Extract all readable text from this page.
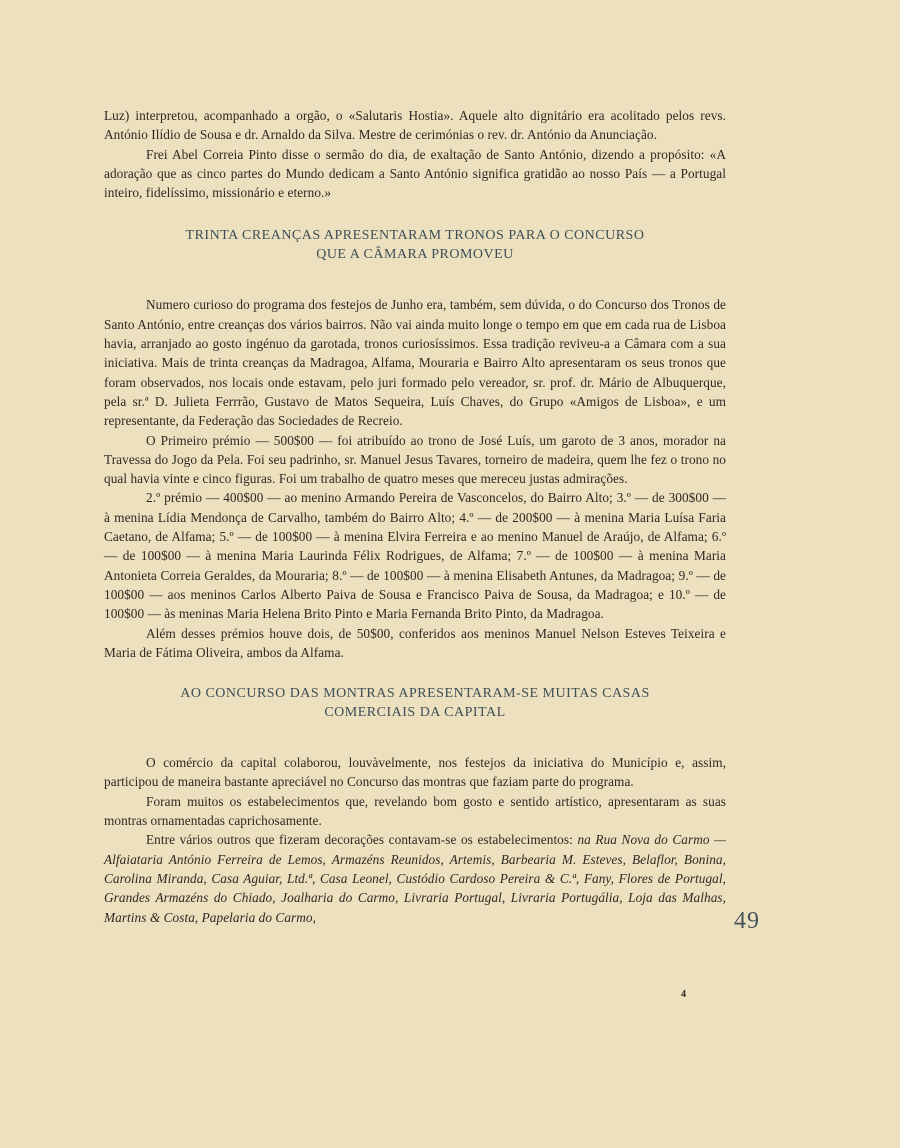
Luz) interpretou, acompanhado a orgão, o «Salutaris Hostia». Aquele alto dignitário era acolitado pelos revs. António Ilídio de Sousa e dr. Arnaldo da Silva. Mestre de cerimónias o rev. dr. António da Anunciação.

Frei Abel Correia Pinto disse o sermão do dia, de exaltação de Santo António, dizendo a propósito: «A adoração que as cinco partes do Mundo dedicam a Santo António significa gratidão ao nosso País — a Portugal inteiro, fidelíssimo, missionário e eterno.»

TRINTA CREANÇAS APRESENTARAM TRONOS PARA O CONCURSO
QUE A CÂMARA PROMOVEU

Numero curioso do programa dos festejos de Junho era, também, sem dúvida, o do Concurso dos Tronos de Santo António, entre creanças dos vários bairros. Não vai ainda muito longe o tempo em que em cada rua de Lisboa havia, arranjado ao gosto ingénuo da garotada, tronos curiosíssimos. Essa tradição reviveu-a a Câmara com a sua iniciativa. Mais de trinta creanças da Madragoa, Alfama, Mouraria e Bairro Alto apresentaram os seus tronos que foram observados, nos locais onde estavam, pelo juri formado pelo vereador, sr. prof. dr. Mário de Albuquerque, pela sr.ª D. Julieta Ferrrão, Gustavo de Matos Sequeira, Luís Chaves, do Grupo «Amigos de Lisboa», e um representante, da Federação das Sociedades de Recreio.

O Primeiro prémio — 500$00 — foi atribuído ao trono de José Luís, um garoto de 3 anos, morador na Travessa do Jogo da Pela. Foi seu padrinho, sr. Manuel Jesus Tavares, torneiro de madeira, quem lhe fez o trono no qual havia vinte e cinco figuras. Foi um trabalho de quatro meses que mereceu justas admirações.

2.º prémio — 400$00 — ao menino Armando Pereira de Vasconcelos, do Bairro Alto; 3.º — de 300$00 — à menina Lídia Mendonça de Carvalho, também do Bairro Alto; 4.º — de 200$00 — à menina Maria Luísa Faria Caetano, de Alfama; 5.º — de 100$00 — à menina Elvira Ferreira e ao menino Manuel de Araújo, de Alfama; 6.º — de 100$00 — à menina Maria Laurinda Félix Rodrigues, de Alfama; 7.º — de 100$00 — à menina Maria Antonieta Correia Geraldes, da Mouraria; 8.º — de 100$00 — à menina Elisabeth Antunes, da Madragoa; 9.º — de 100$00 — aos meninos Carlos Alberto Paiva de Sousa e Francisco Paiva de Sousa, da Madragoa; e 10.º — de 100$00 — às meninas Maria Helena Brito Pinto e Maria Fernanda Brito Pinto, da Madragoa.

Além desses prémios houve dois, de 50$00, conferidos aos meninos Manuel Nelson Esteves Teixeira e Maria de Fátima Oliveira, ambos da Alfama.

AO CONCURSO DAS MONTRAS APRESENTARAM-SE MUITAS CASAS
COMERCIAIS DA CAPITAL

O comércio da capital colaborou, louvàvelmente, nos festejos da iniciativa do Município e, assim, participou de maneira bastante apreciável no Concurso das montras que faziam parte do programa.

Foram muitos os estabelecimentos que, revelando bom gosto e sentido artístico, apresentaram as suas montras ornamentadas caprichosamente.

Entre vários outros que fizeram decorações contavam-se os estabelecimentos: na Rua Nova do Carmo — Alfaiataria António Ferreira de Lemos, Armazéns Reunidos, Artemis, Barbearia M. Esteves, Belaflor, Bonina, Carolina Miranda, Casa Aguiar, Ltd.ª, Casa Leonel, Custódio Cardoso Pereira & C.ª, Fany, Flores de Portugal, Grandes Armazéns do Chiado, Joalharia do Carmo, Livraria Portugal, Livraria Portugália, Loja das Malhas, Martins & Costa, Papelaria do Carmo,	49
4
